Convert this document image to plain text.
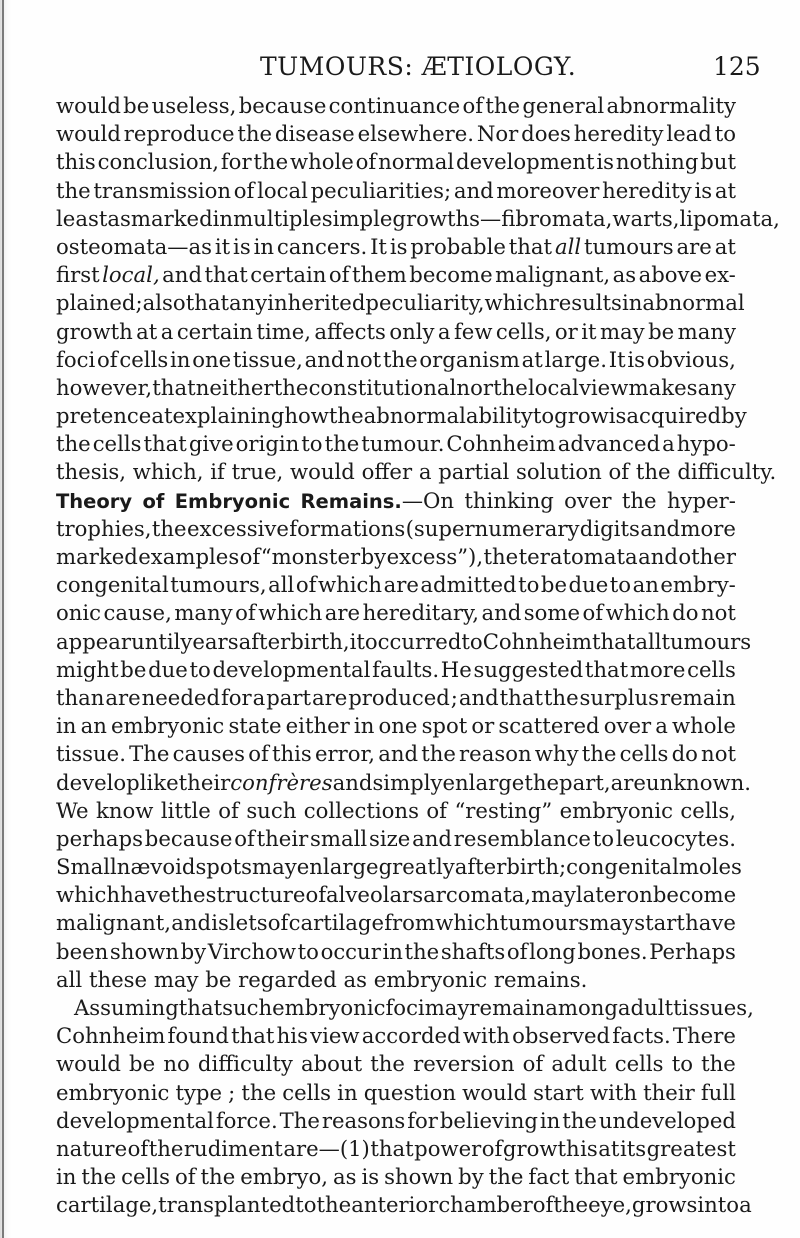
TUMOURS: ÆTIOLOGY.	125
would be useless, because continuance of the general abnormality
would reproduce the disease elsewhere. Nor does heredity lead to
this conclusion, for the whole of normal development is nothing but
the transmission of local peculiarities; and moreover heredity is at
least as marked in multiple simple growths—fibromata, warts, lipomata,
osteomata—as it is in cancers. It is probable that all tumours are at
first local, and that certain of them become malignant, as above ex-
plained ; also that any inherited peculiarity, which results in abnormal
growth at a certain time, affects only a few cells, or it may be many
foci of cells in one tissue, and not the organism at large. It is obvious,
however, that neither the constitutional nor the local view makes any
pretence at explaining how the abnormal ability to grow is acquired by
the cells that give origin to the tumour. Cohnheim advanced a hypo-
thesis,
which,
if
true,
would
offer
a
partial
solution
of
the
difficulty.
Theory of Embryonic Remains.—On thinking over the hyper-
trophies, the excessive formations (supernumerary digits and more
marked examples of “monster by excess”), the teratomata and other
congenital tumours, all of which are admitted to be due to an embry-
onic cause, many of which are hereditary, and some of which do not
appear until years after birth, it occurred to Cohnheim that all tumours
might be due to developmental faults. He suggested that more cells
than are needed for a part are produced ; and that the surplus remain
in an embryonic state either in one spot or scattered over a whole
tissue. The causes of this error, and the reason why the cells do not
develop like their confrères and simply enlarge the part, are unknown.
We know little of such collections of “resting” embryonic cells,
perhaps because of their small size and resemblance to leucocytes.
Small nævoid spots may enlarge greatly after birth ; congenital moles
which have the structure of alveolar sarcomata, may later on become
malignant, and islets of cartilage from which tumours may start have
been shown by Virchow to occur in the shafts of long bones. Perhaps
all
these
may
be
regarded
as
embryonic
remains.
Assuming that such embryonic foci may remain among adult tissues,
Cohnheim found that his view accorded with observed facts. There
would be no difficulty about the reversion of adult cells to the
embryonic type ; the cells in question would start with their full
developmental force. The reasons for believing in the undeveloped
nature of the rudiment are—(1) that power of growth is at its greatest
in the cells of the embryo, as is shown by the fact that embryonic
cartilage, transplanted to the anterior chamber of the eye, grows into a
